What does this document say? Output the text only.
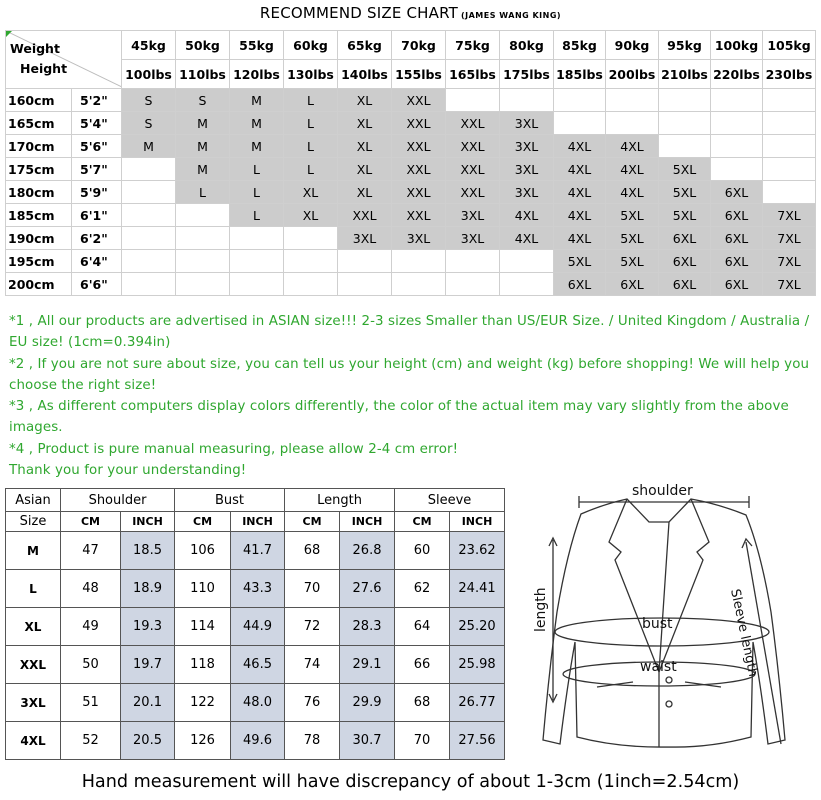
RECOMMEND SIZE CHART (JAMES WANG KING)
Weight
Height		45kg	50kg	55kg	60kg	65kg	70kg	75kg	80kg	85kg	90kg	95kg	100kg	105kg
		100lbs	110lbs	120lbs	130lbs	140lbs	155lbs	165lbs	175lbs	185lbs	200lbs	210lbs	220lbs	230lbs
160cm	5'2"	S	S	M	L	XL	XXL							
165cm	5'4"	S	M	M	L	XL	XXL	XXL	3XL					
170cm	5'6"	M	M	M	L	XL	XXL	XXL	3XL	4XL	4XL			
175cm	5'7"		M	L	L	XL	XXL	XXL	3XL	4XL	4XL	5XL		
180cm	5'9"		L	L	XL	XL	XXL	XXL	3XL	4XL	4XL	5XL	6XL	
185cm	6'1"			L	XL	XXL	XXL	3XL	4XL	4XL	5XL	5XL	6XL	7XL
190cm	6'2"					3XL	3XL	3XL	4XL	4XL	5XL	6XL	6XL	7XL
195cm	6'4"									5XL	5XL	6XL	6XL	7XL
200cm	6'6"									6XL	6XL	6XL	6XL	7XL

*1 , All our products are advertised in ASIAN size!!! 2-3 sizes Smaller than US/EUR Size. / United Kingdom / Australia / EU size! (1cm=0.394in)

*2 , If you are not sure about size, you can tell us your height (cm) and weight (kg) before shopping! We will help you choose the right size!

*3 , As different computers display colors differently, the color of the actual item may vary slightly from the above images.

*4 , Product is pure manual measuring, please allow 2-4 cm error!

Thank you for your understanding!

Asian	Shoulder		Bust		Length		Sleeve	
Size	CM	INCH	CM	INCH	CM	INCH	CM	INCH
M	47	18.5	106	41.7	68	26.8	60	23.62
L	48	18.9	110	43.3	70	27.6	62	24.41
XL	49	19.3	114	44.9	72	28.3	64	25.20
XXL	50	19.7	118	46.5	74	29.1	66	25.98
3XL	51	20.1	122	48.0	76	29.9	68	26.77
4XL	52	20.5	126	49.6	78	30.7	70	27.56
shoulder
length	bust
waist	Sleeve length
Hand measurement will have discrepancy of about 1-3cm (1inch=2.54cm)
